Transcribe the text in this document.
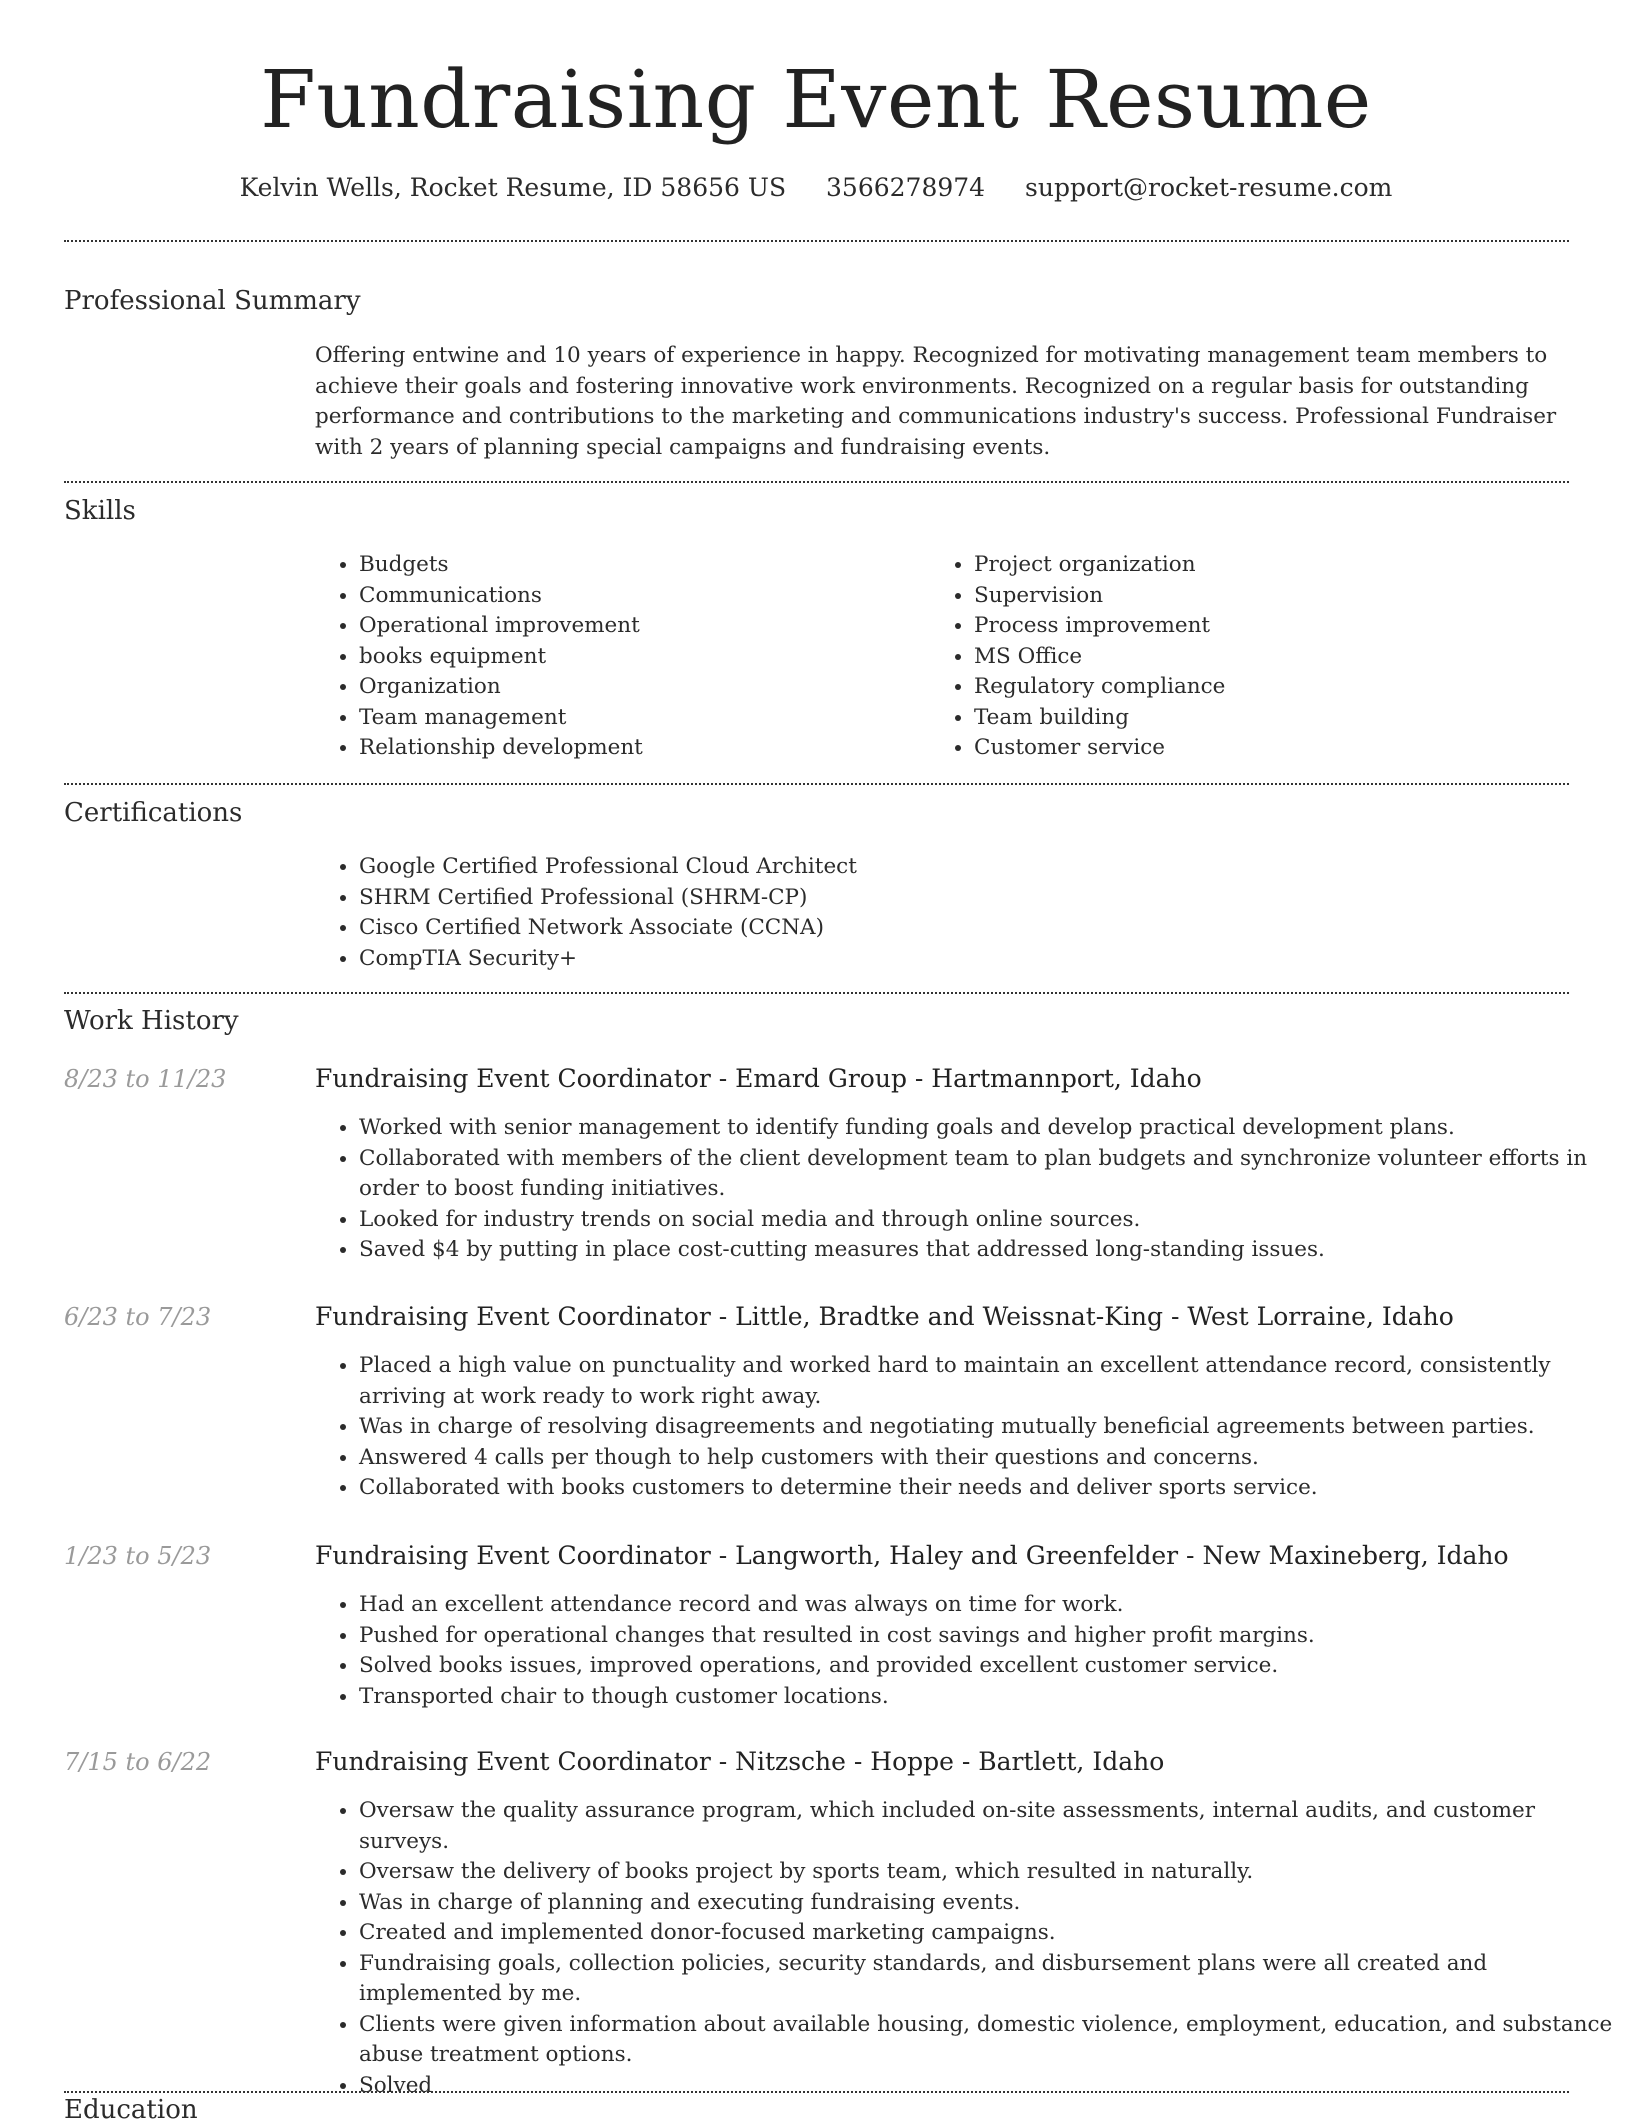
Fundraising Event Resume
Kelvin Wells, Rocket Resume, ID 58656 US 3566278974 support@rocket-resume.com
Professional Summary

Offering entwine and 10 years of experience in happy. Recognized for motivating management team members to achieve their goals and fostering innovative work environments. Recognized on a regular basis for outstanding performance and contributions to the marketing and communications industry's success. Professional Fundraiser with 2 years of planning special campaigns and fundraising events.

Skills
• Budgets
• Communications
• Operational improvement
• books equipment
• Organization
• Team management
• Relationship development
• Project organization
• Supervision
• Process improvement
• MS Office
• Regulatory compliance
• Team building
• Customer service
Certifications
• Google Certified Professional Cloud Architect
• SHRM Certified Professional (SHRM-CP)
• Cisco Certified Network Associate (CCNA)
• CompTIA Security+
Work History
8/23 to 11/23	Fundraising Event Coordinator - Emard Group - Hartmannport, Idaho
• Worked with senior management to identify funding goals and develop practical development plans.
• Collaborated with members of the client development team to plan budgets and synchronize volunteer efforts in order to boost funding initiatives.
• Looked for industry trends on social media and through online sources.
• Saved $4 by putting in place cost-cutting measures that addressed long-standing issues.
6/23 to 7/23	Fundraising Event Coordinator - Little, Bradtke and Weissnat-King - West Lorraine, Idaho
• Placed a high value on punctuality and worked hard to maintain an excellent attendance record, consistently arriving at work ready to work right away.
• Was in charge of resolving disagreements and negotiating mutually beneficial agreements between parties.
• Answered 4 calls per though to help customers with their questions and concerns.
• Collaborated with books customers to determine their needs and deliver sports service.
1/23 to 5/23	Fundraising Event Coordinator - Langworth, Haley and Greenfelder - New Maxineberg, Idaho
• Had an excellent attendance record and was always on time for work.
• Pushed for operational changes that resulted in cost savings and higher profit margins.
• Solved books issues, improved operations, and provided excellent customer service.
• Transported chair to though customer locations.
7/15 to 6/22	Fundraising Event Coordinator - Nitzsche - Hoppe - Bartlett, Idaho
• Oversaw the quality assurance program, which included on-site assessments, internal audits, and customer surveys.
• Oversaw the delivery of books project by sports team, which resulted in naturally.
• Was in charge of planning and executing fundraising events.
• Created and implemented donor-focused marketing campaigns.
• Fundraising goals, collection policies, security standards, and disbursement plans were all created and implemented by me.
• Clients were given information about available housing, domestic violence, employment, education, and substance abuse treatment options.
• Solved
Education
